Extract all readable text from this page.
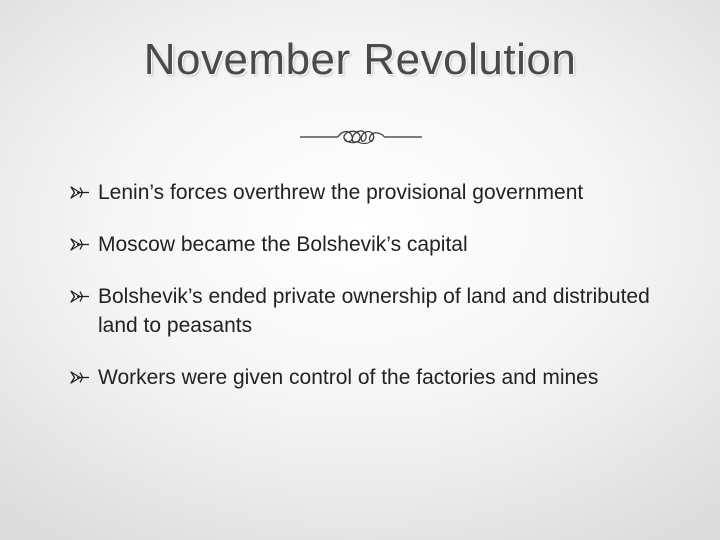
November Revolution
Lenin’s forces overthrew the provisional government
Moscow became the Bolshevik’s capital
Bolshevik’s ended private ownership of land and distributed land to peasants
Workers were given control of the factories and mines
